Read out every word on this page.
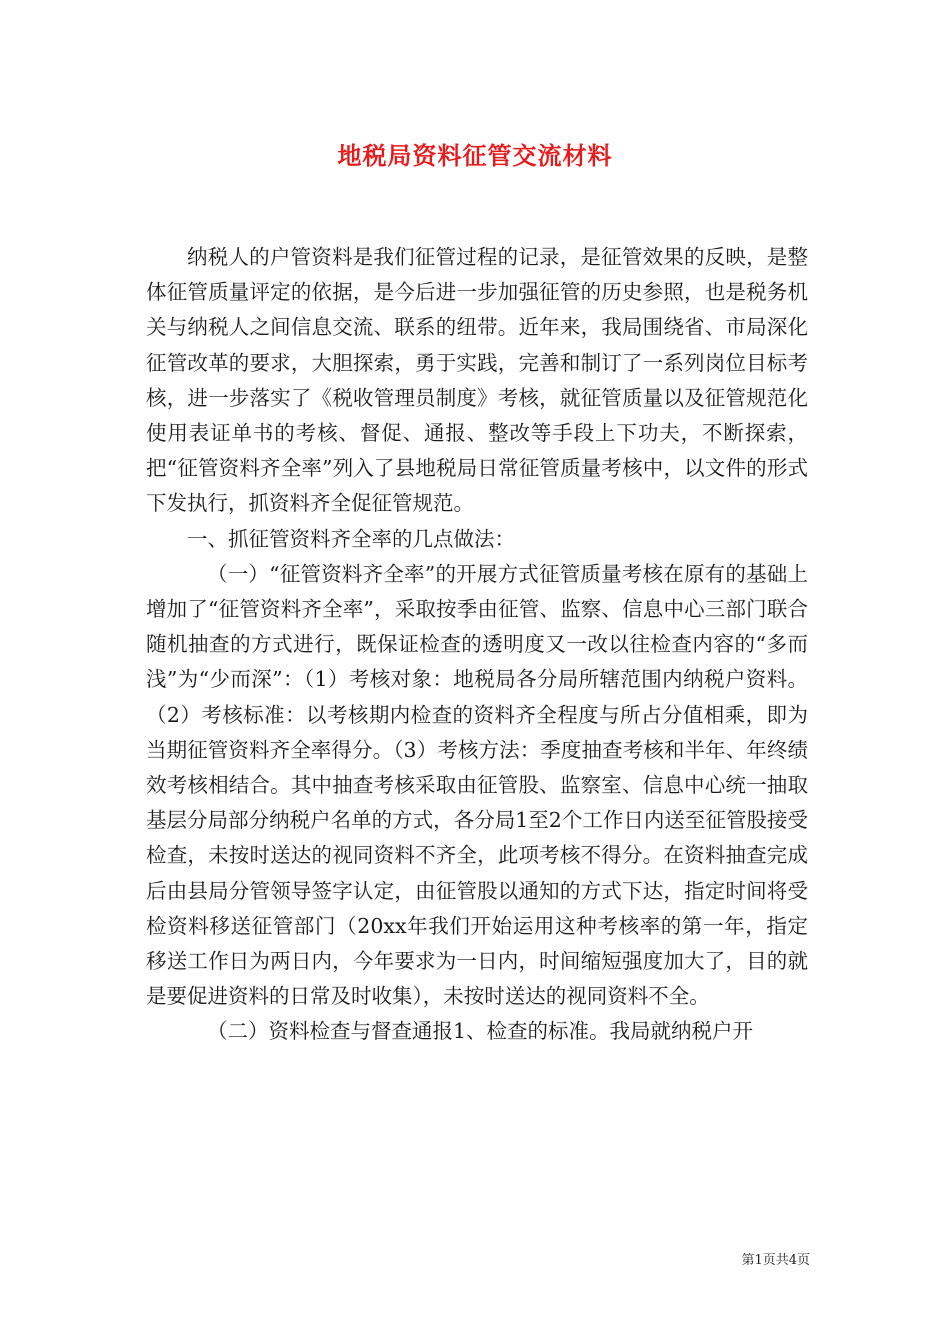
地税局资料征管交流材料

纳税人的户管资料是我们征管过程的记录，是征管效果的反映，是整体征管质量评定的依据，是今后进一步加强征管的历史参照，也是税务机关与纳税人之间信息交流、联系的纽带。近年来，我局围绕省、市局深化征管改革的要求，大胆探索，勇于实践，完善和制订了一系列岗位目标考核，进一步落实了《税收管理员制度》考核，就征管质量以及征管规范化使用表证单书的考核、督促、通报、整改等手段上下功夫，不断探索，把“征管资料齐全率”列入了县地税局日常征管质量考核中，以文件的形式下发执行，抓资料齐全促征管规范。

一、抓征管资料齐全率的几点做法：

（一）“征管资料齐全率”的开展方式征管质量考核在原有的基础上增加了“征管资料齐全率”，采取按季由征管、监察、信息中心三部门联合随机抽查的方式进行，既保证检查的透明度又一改以往检查内容的“多而浅”为“少而深”：（1）考核对象：地税局各分局所辖范围内纳税户资料。（2）考核标准：以考核期内检查的资料齐全程度与所占分值相乘，即为当期征管资料齐全率得分。（3）考核方法：季度抽查考核和半年、年终绩效考核相结合。其中抽查考核采取由征管股、监察室、信息中心统一抽取基层分局部分纳税户名单的方式，各分局1至2个工作日内送至征管股接受检查，未按时送达的视同资料不齐全，此项考核不得分。在资料抽查完成后由县局分管领导签字认定，由征管股以通知的方式下达，指定时间将受检资料移送征管部门（20xx年我们开始运用这种考核率的第一年，指定移送工作日为两日内，今年要求为一日内，时间缩短强度加大了，目的就是要促进资料的日常及时收集），未按时送达的视同资料不全。

（二）资料检查与督查通报1、检查的标准。我局就纳税户开

第1页共4页
